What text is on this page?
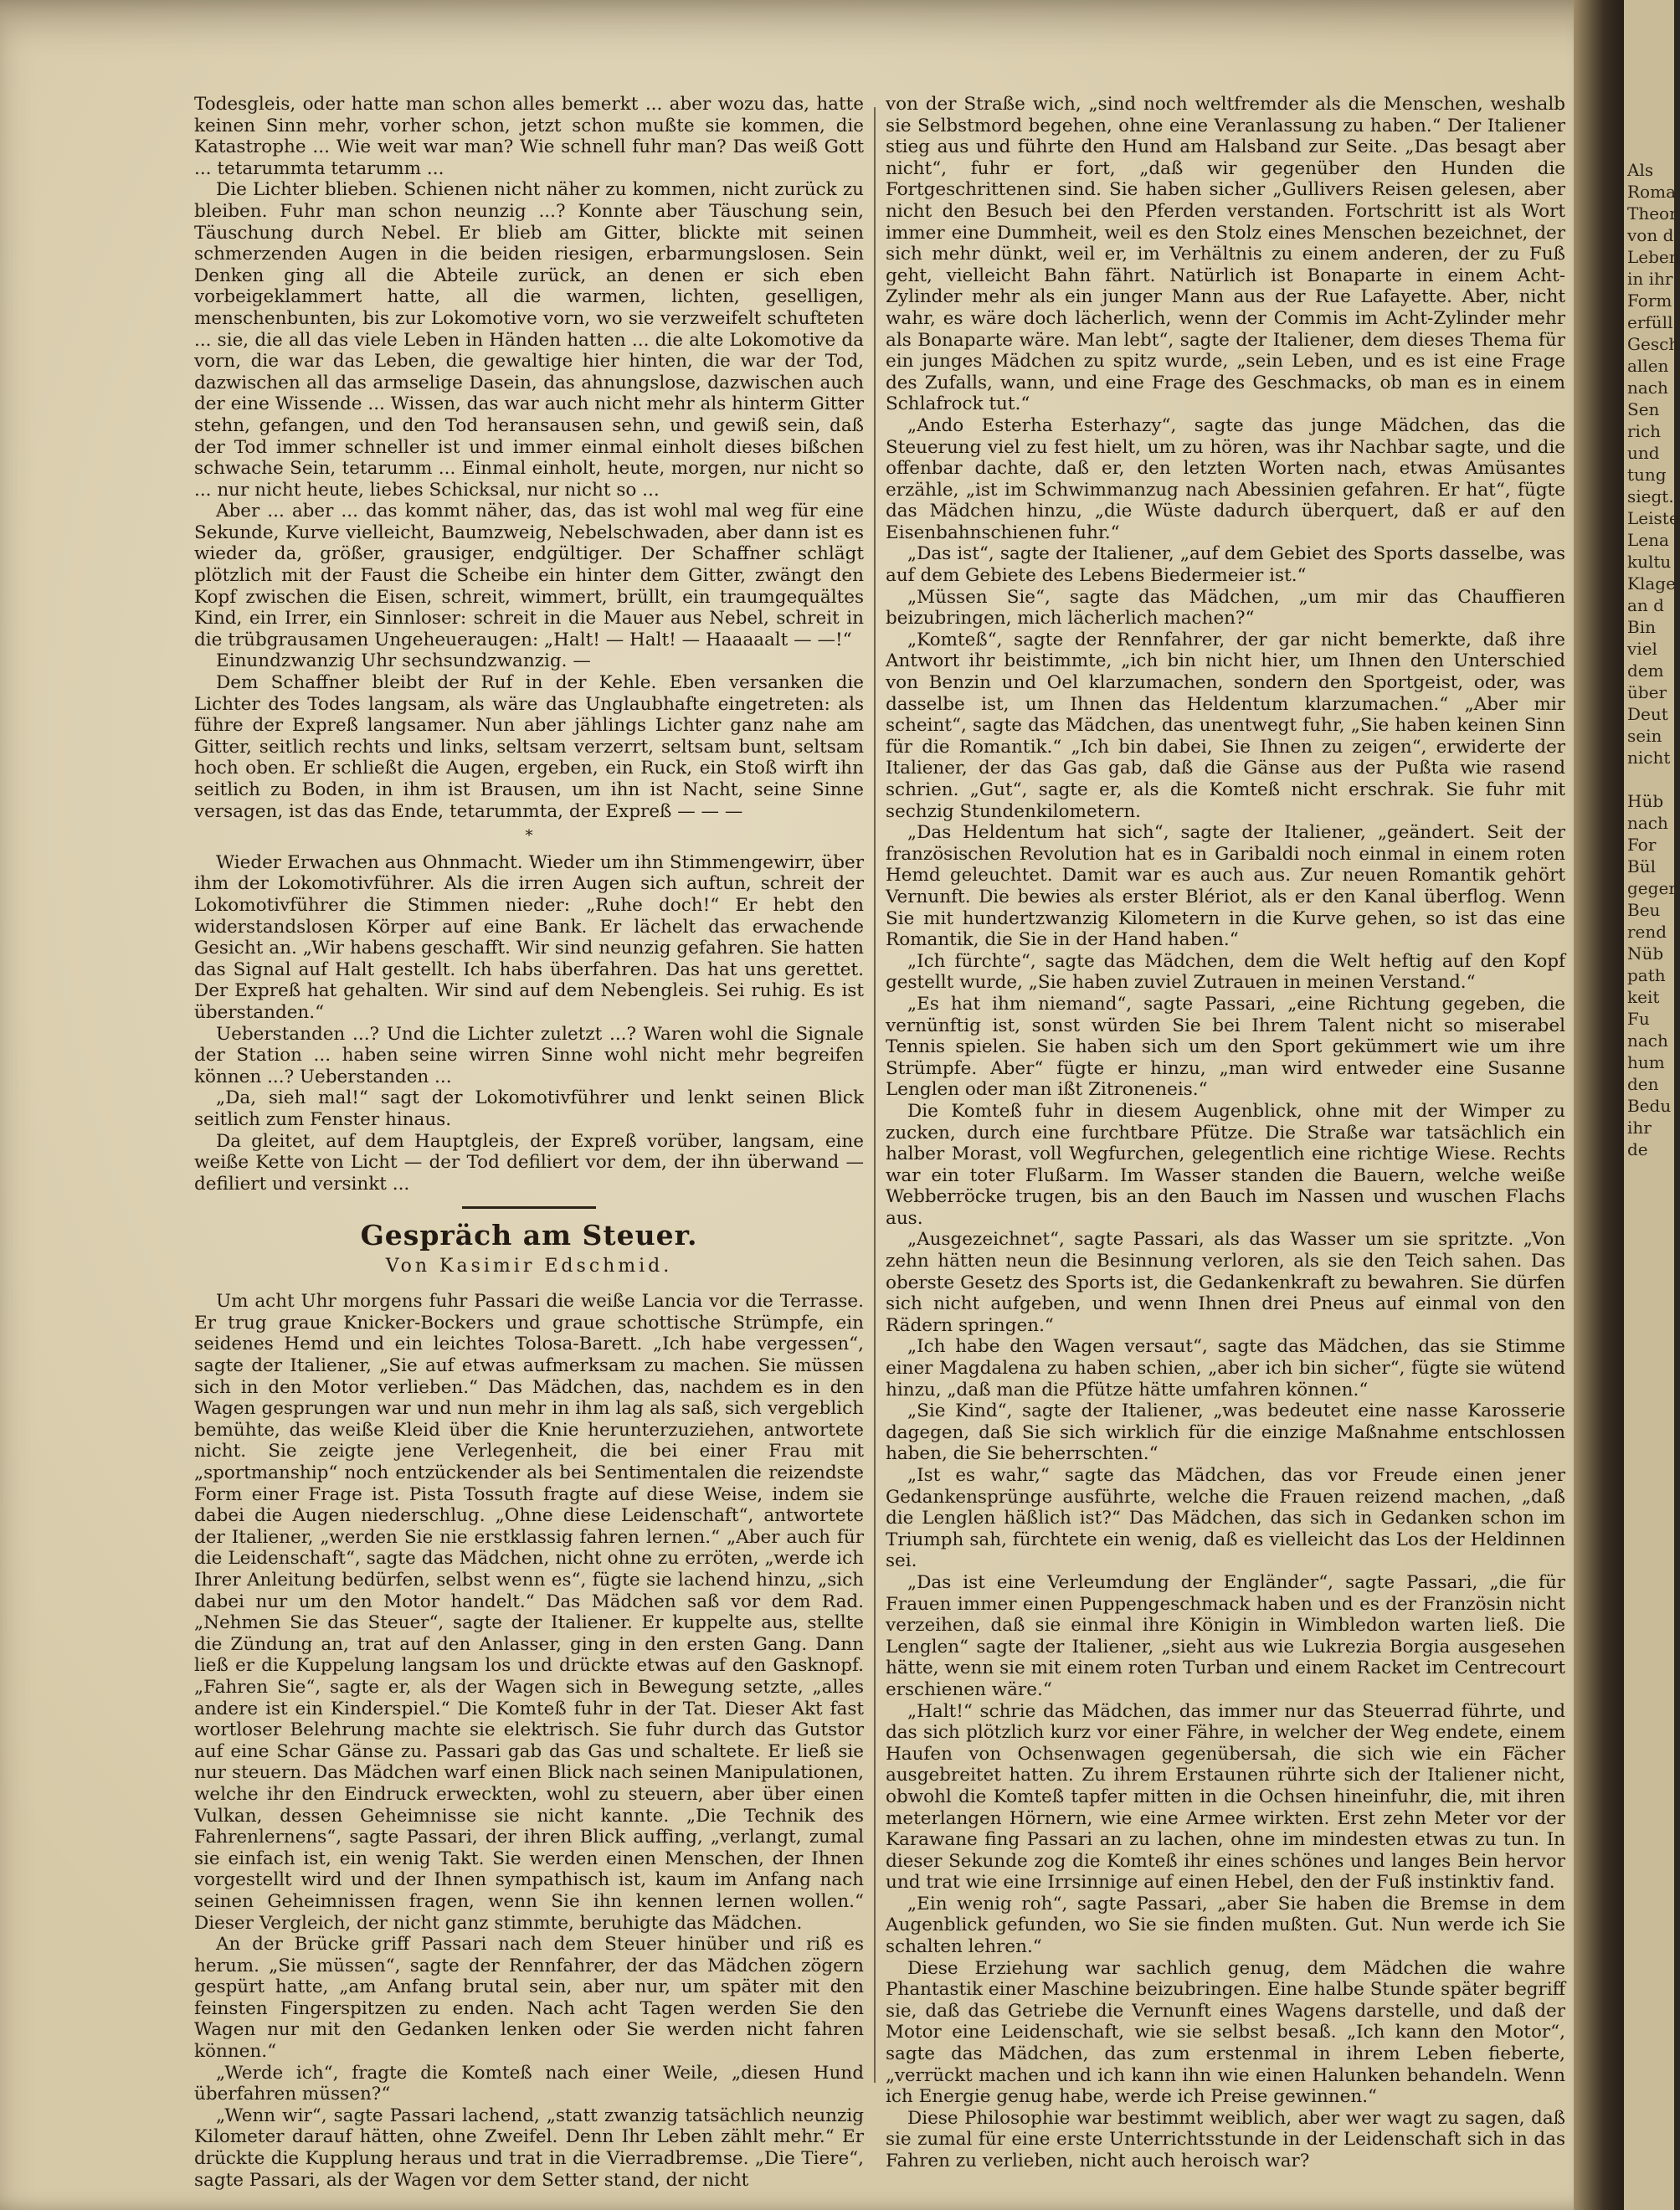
Todesgleis, oder hatte man schon alles bemerkt ... aber wozu das, hatte keinen Sinn mehr, vorher schon, jetzt schon mußte sie kommen, die Katastrophe ... Wie weit war man? Wie schnell fuhr man? Das weiß Gott ... tetarummta tetarumm ...

Die Lichter blieben. Schienen nicht näher zu kommen, nicht zurück zu bleiben. Fuhr man schon neunzig ...? Konnte aber Täuschung sein, Täuschung durch Nebel. Er blieb am Gitter, blickte mit seinen schmerzenden Augen in die beiden riesigen, erbarmungslosen. Sein Denken ging all die Abteile zurück, an denen er sich eben vorbeigeklammert hatte, all die warmen, lichten, geselligen, menschenbunten, bis zur Lokomotive vorn, wo sie verzweifelt schufteten ... sie, die all das viele Leben in Händen hatten ... die alte Lokomotive da vorn, die war das Leben, die gewaltige hier hinten, die war der Tod, dazwischen all das armselige Dasein, das ahnungslose, dazwischen auch der eine Wissende ... Wissen, das war auch nicht mehr als hinterm Gitter stehn, gefangen, und den Tod heransausen sehn, und gewiß sein, daß der Tod immer schneller ist und immer einmal einholt dieses bißchen schwache Sein, tetarumm ... Einmal einholt, heute, morgen, nur nicht so ... nur nicht heute, liebes Schicksal, nur nicht so ...

Aber ... aber ... das kommt näher, das, das ist wohl mal weg für eine Sekunde, Kurve vielleicht, Baumzweig, Nebelschwaden, aber dann ist es wieder da, größer, grausiger, endgültiger. Der Schaffner schlägt plötzlich mit der Faust die Scheibe ein hinter dem Gitter, zwängt den Kopf zwischen die Eisen, schreit, wimmert, brüllt, ein traumgequältes Kind, ein Irrer, ein Sinnloser: schreit in die Mauer aus Nebel, schreit in die trübgrausamen Ungeheueraugen: „Halt! — Halt! — Haaaaalt — —!“

Einundzwanzig Uhr sechsundzwanzig. —

Dem Schaffner bleibt der Ruf in der Kehle. Eben versanken die Lichter des Todes langsam, als wäre das Unglaubhafte eingetreten: als führe der Expreß langsamer. Nun aber jählings Lichter ganz nahe am Gitter, seitlich rechts und links, seltsam verzerrt, seltsam bunt, seltsam hoch oben. Er schließt die Augen, ergeben, ein Ruck, ein Stoß wirft ihn seitlich zu Boden, in ihm ist Brausen, um ihn ist Nacht, seine Sinne versagen, ist das das Ende, tetarummta, der Expreß — — —

*

Wieder Erwachen aus Ohnmacht. Wieder um ihn Stimmengewirr, über ihm der Lokomotivführer. Als die irren Augen sich auftun, schreit der Lokomotivführer die Stimmen nieder: „Ruhe doch!“ Er hebt den widerstandslosen Körper auf eine Bank. Er lächelt das erwachende Gesicht an. „Wir habens geschafft. Wir sind neunzig gefahren. Sie hatten das Signal auf Halt gestellt. Ich habs überfahren. Das hat uns gerettet. Der Expreß hat gehalten. Wir sind auf dem Nebengleis. Sei ruhig. Es ist überstanden.“

Ueberstanden ...? Und die Lichter zuletzt ...? Waren wohl die Signale der Station ... haben seine wirren Sinne wohl nicht mehr begreifen können ...? Ueberstanden ...

„Da, sieh mal!“ sagt der Lokomotivführer und lenkt seinen Blick seitlich zum Fenster hinaus.

Da gleitet, auf dem Hauptgleis, der Expreß vorüber, langsam, eine weiße Kette von Licht — der Tod defiliert vor dem, der ihn überwand — defiliert und versinkt ...

Gespräch am Steuer.
Von Kasimir Edschmid.

Um acht Uhr morgens fuhr Passari die weiße Lancia vor die Terrasse. Er trug graue Knicker-Bockers und graue schottische Strümpfe, ein seidenes Hemd und ein leichtes Tolosa-Barett. „Ich habe vergessen“, sagte der Italiener, „Sie auf etwas aufmerksam zu machen. Sie müssen sich in den Motor verlieben.“ Das Mädchen, das, nachdem es in den Wagen gesprungen war und nun mehr in ihm lag als saß, sich vergeblich bemühte, das weiße Kleid über die Knie herunterzuziehen, antwortete nicht. Sie zeigte jene Verlegenheit, die bei einer Frau mit „sportmanship“ noch entzückender als bei Sentimentalen die reizendste Form einer Frage ist. Pista Tossuth fragte auf diese Weise, indem sie dabei die Augen niederschlug. „Ohne diese Leidenschaft“, antwortete der Italiener, „werden Sie nie erstklassig fahren lernen.“ „Aber auch für die Leidenschaft“, sagte das Mädchen, nicht ohne zu erröten, „werde ich Ihrer Anleitung bedürfen, selbst wenn es“, fügte sie lachend hinzu, „sich dabei nur um den Motor handelt.“ Das Mädchen saß vor dem Rad. „Nehmen Sie das Steuer“, sagte der Italiener. Er kuppelte aus, stellte die Zündung an, trat auf den Anlasser, ging in den ersten Gang. Dann ließ er die Kuppelung langsam los und drückte etwas auf den Gasknopf. „Fahren Sie“, sagte er, als der Wagen sich in Bewegung setzte, „alles andere ist ein Kinderspiel.“ Die Komteß fuhr in der Tat. Dieser Akt fast wortloser Belehrung machte sie elektrisch. Sie fuhr durch das Gutstor auf eine Schar Gänse zu. Passari gab das Gas und schaltete. Er ließ sie nur steuern. Das Mädchen warf einen Blick nach seinen Manipulationen, welche ihr den Eindruck erweckten, wohl zu steuern, aber über einen Vulkan, dessen Geheimnisse sie nicht kannte. „Die Technik des Fahrenlernens“, sagte Passari, der ihren Blick auffing, „verlangt, zumal sie einfach ist, ein wenig Takt. Sie werden einen Menschen, der Ihnen vorgestellt wird und der Ihnen sympathisch ist, kaum im Anfang nach seinen Geheimnissen fragen, wenn Sie ihn kennen lernen wollen.“ Dieser Vergleich, der nicht ganz stimmte, beruhigte das Mädchen.

An der Brücke griff Passari nach dem Steuer hinüber und riß es herum. „Sie müssen“, sagte der Rennfahrer, der das Mädchen zögern gespürt hatte, „am Anfang brutal sein, aber nur, um später mit den feinsten Fingerspitzen zu enden. Nach acht Tagen werden Sie den Wagen nur mit den Gedanken lenken oder Sie werden nicht fahren können.“

„Werde ich“, fragte die Komteß nach einer Weile, „diesen Hund überfahren müssen?“

„Wenn wir“, sagte Passari lachend, „statt zwanzig tatsächlich neunzig Kilometer darauf hätten, ohne Zweifel. Denn Ihr Leben zählt mehr.“ Er drückte die Kupplung heraus und trat in die Vierradbremse. „Die Tiere“, sagte Passari, als der Wagen vor dem Setter stand, der nicht

von der Straße wich, „sind noch weltfremder als die Menschen, weshalb sie Selbstmord begehen, ohne eine Veranlassung zu haben.“ Der Italiener stieg aus und führte den Hund am Halsband zur Seite. „Das besagt aber nicht“, fuhr er fort, „daß wir gegenüber den Hunden die Fortgeschrittenen sind. Sie haben sicher „Gullivers Reisen gelesen, aber nicht den Besuch bei den Pferden verstanden. Fortschritt ist als Wort immer eine Dummheit, weil es den Stolz eines Menschen bezeichnet, der sich mehr dünkt, weil er, im Verhältnis zu einem anderen, der zu Fuß geht, vielleicht Bahn fährt. Natürlich ist Bonaparte in einem Acht-Zylinder mehr als ein junger Mann aus der Rue Lafayette. Aber, nicht wahr, es wäre doch lächerlich, wenn der Commis im Acht-Zylinder mehr als Bonaparte wäre. Man lebt“, sagte der Italiener, dem dieses Thema für ein junges Mädchen zu spitz wurde, „sein Leben, und es ist eine Frage des Zufalls, wann, und eine Frage des Geschmacks, ob man es in einem Schlafrock tut.“

„Ando Esterha Esterhazy“, sagte das junge Mädchen, das die Steuerung viel zu fest hielt, um zu hören, was ihr Nachbar sagte, und die offenbar dachte, daß er, den letzten Worten nach, etwas Amüsantes erzähle, „ist im Schwimmanzug nach Abessinien gefahren. Er hat“, fügte das Mädchen hinzu, „die Wüste dadurch überquert, daß er auf den Eisenbahnschienen fuhr.“

„Das ist“, sagte der Italiener, „auf dem Gebiet des Sports dasselbe, was auf dem Gebiete des Lebens Biedermeier ist.“

„Müssen Sie“, sagte das Mädchen, „um mir das Chauffieren beizubringen, mich lächerlich machen?“

„Komteß“, sagte der Rennfahrer, der gar nicht bemerkte, daß ihre Antwort ihr beistimmte, „ich bin nicht hier, um Ihnen den Unterschied von Benzin und Oel klarzumachen, sondern den Sportgeist, oder, was dasselbe ist, um Ihnen das Heldentum klarzumachen.“ „Aber mir scheint“, sagte das Mädchen, das unentwegt fuhr, „Sie haben keinen Sinn für die Romantik.“ „Ich bin dabei, Sie Ihnen zu zeigen“, erwiderte der Italiener, der das Gas gab, daß die Gänse aus der Pußta wie rasend schrien. „Gut“, sagte er, als die Komteß nicht erschrak. Sie fuhr mit sechzig Stundenkilometern.

„Das Heldentum hat sich“, sagte der Italiener, „geändert. Seit der französischen Revolution hat es in Garibaldi noch einmal in einem roten Hemd geleuchtet. Damit war es auch aus. Zur neuen Romantik gehört Vernunft. Die bewies als erster Blériot, als er den Kanal überflog. Wenn Sie mit hundertzwanzig Kilometern in die Kurve gehen, so ist das eine Romantik, die Sie in der Hand haben.“

„Ich fürchte“, sagte das Mädchen, dem die Welt heftig auf den Kopf gestellt wurde, „Sie haben zuviel Zutrauen in meinen Verstand.“

„Es hat ihm niemand“, sagte Passari, „eine Richtung gegeben, die vernünftig ist, sonst würden Sie bei Ihrem Talent nicht so miserabel Tennis spielen. Sie haben sich um den Sport gekümmert wie um ihre Strümpfe. Aber“ fügte er hinzu, „man wird entweder eine Susanne Lenglen oder man ißt Zitroneneis.“

Die Komteß fuhr in diesem Augenblick, ohne mit der Wimper zu zucken, durch eine furchtbare Pfütze. Die Straße war tatsächlich ein halber Morast, voll Wegfurchen, gelegentlich eine richtige Wiese. Rechts war ein toter Flußarm. Im Wasser standen die Bauern, welche weiße Webberröcke trugen, bis an den Bauch im Nassen und wuschen Flachs aus.

„Ausgezeichnet“, sagte Passari, als das Wasser um sie spritzte. „Von zehn hätten neun die Besinnung verloren, als sie den Teich sahen. Das oberste Gesetz des Sports ist, die Gedankenkraft zu bewahren. Sie dürfen sich nicht aufgeben, und wenn Ihnen drei Pneus auf einmal von den Rädern springen.“

„Ich habe den Wagen versaut“, sagte das Mädchen, das sie Stimme einer Magdalena zu haben schien, „aber ich bin sicher“, fügte sie wütend hinzu, „daß man die Pfütze hätte umfahren können.“

„Sie Kind“, sagte der Italiener, „was bedeutet eine nasse Karosserie dagegen, daß Sie sich wirklich für die einzige Maßnahme entschlossen haben, die Sie beherrschten.“

„Ist es wahr,“ sagte das Mädchen, das vor Freude einen jener Gedankensprünge ausführte, welche die Frauen reizend machen, „daß die Lenglen häßlich ist?“ Das Mädchen, das sich in Gedanken schon im Triumph sah, fürchtete ein wenig, daß es vielleicht das Los der Heldinnen sei.

„Das ist eine Verleumdung der Engländer“, sagte Passari, „die für Frauen immer einen Puppengeschmack haben und es der Französin nicht verzeihen, daß sie einmal ihre Königin in Wimbledon warten ließ. Die Lenglen“ sagte der Italiener, „sieht aus wie Lukrezia Borgia ausgesehen hätte, wenn sie mit einem roten Turban und einem Racket im Centrecourt erschienen wäre.“

„Halt!“ schrie das Mädchen, das immer nur das Steuerrad führte, und das sich plötzlich kurz vor einer Fähre, in welcher der Weg endete, einem Haufen von Ochsenwagen gegenübersah, die sich wie ein Fächer ausgebreitet hatten. Zu ihrem Erstaunen rührte sich der Italiener nicht, obwohl die Komteß tapfer mitten in die Ochsen hineinfuhr, die, mit ihren meterlangen Hörnern, wie eine Armee wirkten. Erst zehn Meter vor der Karawane fing Passari an zu lachen, ohne im mindesten etwas zu tun. In dieser Sekunde zog die Komteß ihr eines schönes und langes Bein hervor und trat wie eine Irrsinnige auf einen Hebel, den der Fuß instinktiv fand.

„Ein wenig roh“, sagte Passari, „aber Sie haben die Bremse in dem Augenblick gefunden, wo Sie sie finden mußten. Gut. Nun werde ich Sie schalten lehren.“

Diese Erziehung war sachlich genug, dem Mädchen die wahre Phantastik einer Maschine beizubringen. Eine halbe Stunde später begriff sie, daß das Getriebe die Vernunft eines Wagens darstelle, und daß der Motor eine Leidenschaft, wie sie selbst besaß. „Ich kann den Motor“, sagte das Mädchen, das zum erstenmal in ihrem Leben fieberte, „verrückt machen und ich kann ihn wie einen Halunken behandeln. Wenn ich Energie genug habe, werde ich Preise gewinnen.“

Diese Philosophie war bestimmt weiblich, aber wer wagt zu sagen, daß sie zumal für eine erste Unterrichtsstunde in der Leidenschaft sich in das Fahren zu verlieben, nicht auch heroisch war?

Als
Roma
Theor
von d
Leben
in ihr
Form
erfüll
Gesch
allen
nach
Sen
rich
und
tung
siegt.
Leiste
Lena
kultu
Klage
an d
Bin
viel
dem
über
Deut
sein
nicht

Hüb
nach
For
Bül
geger
Beu
rend
Nüb
path
keit
Fu
nach
hum
den
Bedu
ihr
de
